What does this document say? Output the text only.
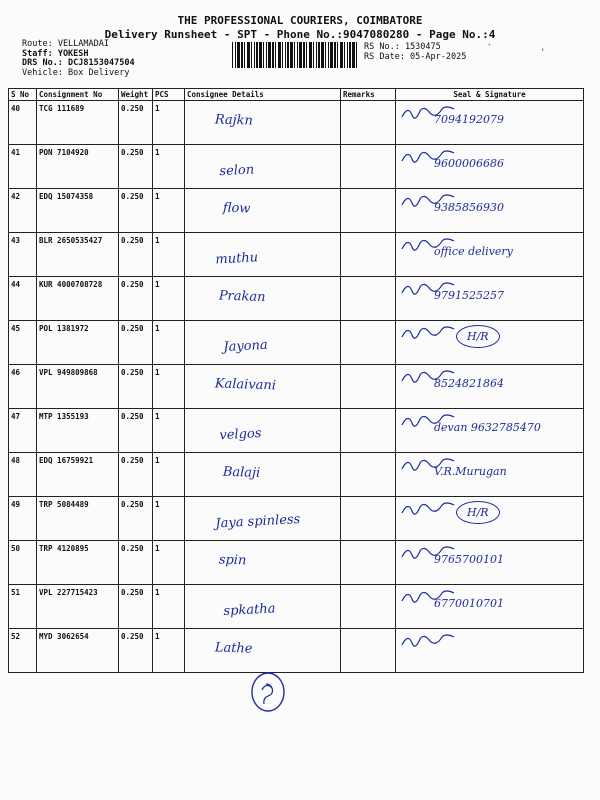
THE PROFESSIONAL COURIERS, COIMBATORE
Delivery Runsheet - SPT - Phone No.:9047080280 - Page No.:4
Route: VELLAMADAI
Staff: YOKESH
DRS No.: DCJ8153047504
Vehicle: Box Delivery
RS No.: 1530475
RS Date: 05-Apr-2025
`	'
S No	Consignment No	Weight	PCS	Consignee Details	Remarks	Seal & Signature
40	TCG 111689	0.250	1	Rajkn		7094192079

41	PON 7104920	0.250	1	selon		9600006686

42	EDQ 15074358	0.250	1	flow		9385856930

43	BLR 2650535427	0.250	1	muthu		office delivery

44	KUR 4000708728	0.250	1	Prakan		9791525257

45	POL 1381972	0.250	1	Jayona		H/R

46	VPL 949809868	0.250	1	Kalaivani		8524821864

47	MTP 1355193	0.250	1	velgos		devan 9632785470

48	EDQ 16759921	0.250	1	Balaji		V.R.Murugan

49	TRP 5084489	0.250	1	Jaya spinless		H/R

50	TRP 4120895	0.250	1	spin		9765700101

51	VPL 227715423	0.250	1	spkatha		6770010701

52	MYD 3062654	0.250	1	Lathe
